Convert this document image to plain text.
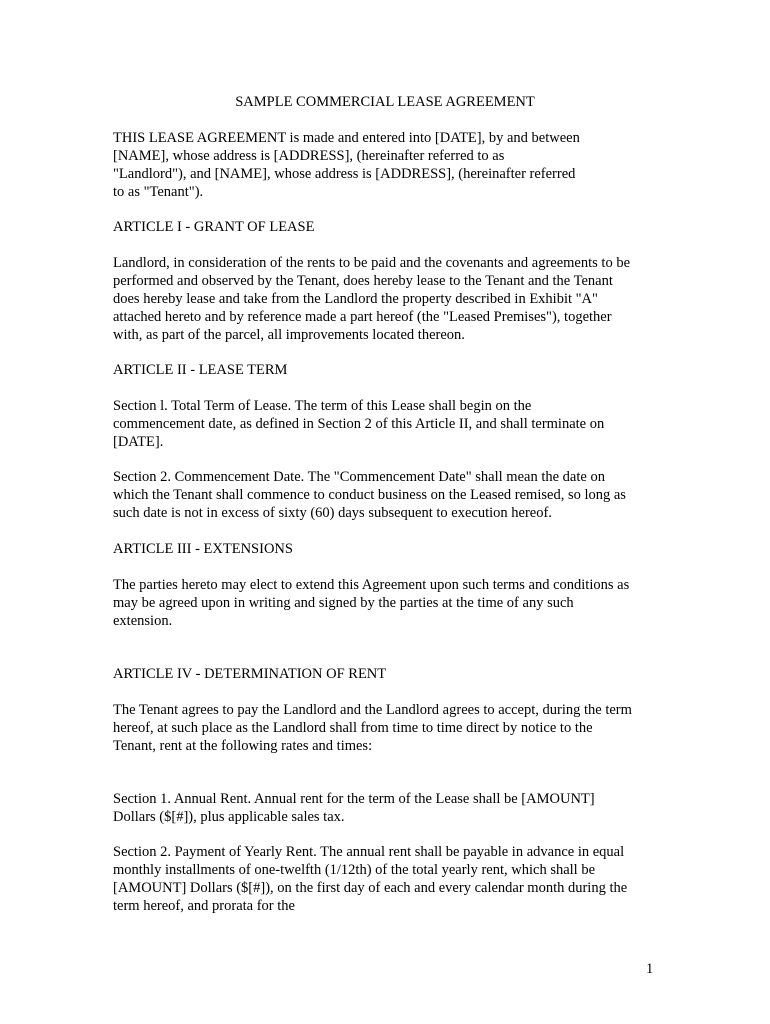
SAMPLE COMMERCIAL LEASE AGREEMENT

THIS LEASE AGREEMENT is made and entered into [DATE], by and between
[NAME], whose address is [ADDRESS], (hereinafter referred to as
"Landlord"), and [NAME], whose address is [ADDRESS], (hereinafter referred
to as "Tenant").

ARTICLE I - GRANT OF LEASE

Landlord, in consideration of the rents to be paid and the covenants and agreements to be
performed and observed by the Tenant, does hereby lease to the Tenant and the Tenant
does hereby lease and take from the Landlord the property described in Exhibit "A"
attached hereto and by reference made a part hereof (the "Leased Premises"), together
with, as part of the parcel, all improvements located thereon.

ARTICLE II - LEASE TERM

Section l. Total Term of Lease. The term of this Lease shall begin on the
commencement date, as defined in Section 2 of this Article II, and shall terminate on
[DATE].

Section 2. Commencement Date. The "Commencement Date" shall mean the date on
which the Tenant shall commence to conduct business on the Leased remised, so long as
such date is not in excess of sixty (60) days subsequent to execution hereof.

ARTICLE III - EXTENSIONS

The parties hereto may elect to extend this Agreement upon such terms and conditions as
may be agreed upon in writing and signed by the parties at the time of any such
extension.

ARTICLE IV - DETERMINATION OF RENT

The Tenant agrees to pay the Landlord and the Landlord agrees to accept, during the term
hereof, at such place as the Landlord shall from time to time direct by notice to the
Tenant, rent at the following rates and times:

Section 1. Annual Rent. Annual rent for the term of the Lease shall be [AMOUNT]
Dollars ($[#]), plus applicable sales tax.

Section 2. Payment of Yearly Rent. The annual rent shall be payable in advance in equal
monthly installments of one-twelfth (1/12th) of the total yearly rent, which shall be
[AMOUNT] Dollars ($[#]), on the first day of each and every calendar month during the
term hereof, and prorata for the

1
